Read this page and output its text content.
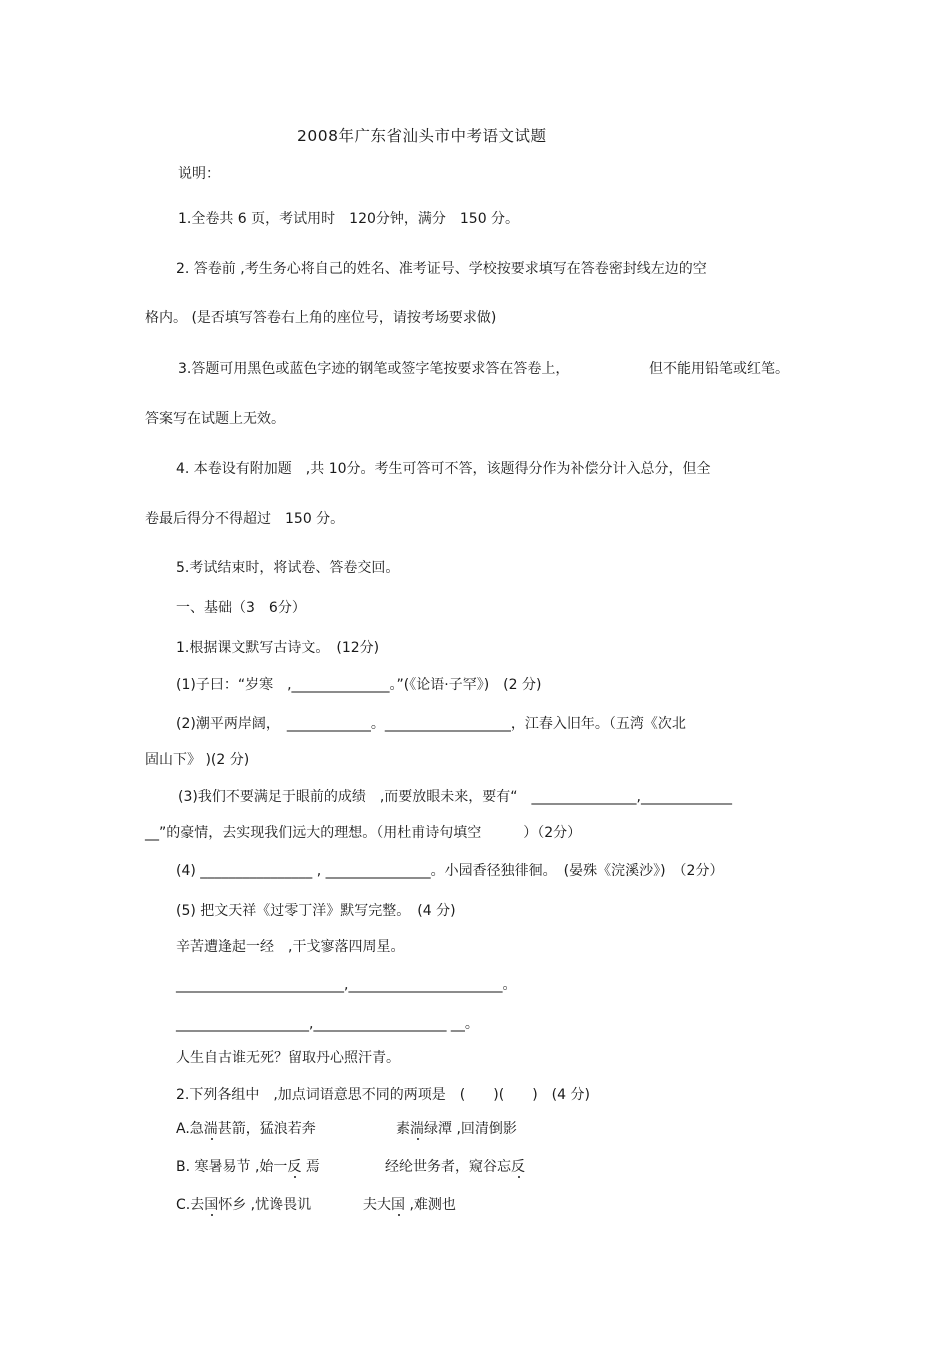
2008年广东省汕头市中考语文试题
说明：
1.全卷共 6 页，考试用时　120分钟，满分　150 分。
2. 答卷前 ,考生务心将自己的姓名、准考证号、学校按要求填写在答卷密封线左边的空
格内。 (是否填写答卷右上角的座位号，请按考场要求做)
3.答题可用黑色或蓝色字迹的钢笔或签字笔按要求答在答卷上，	但不能用铅笔或红笔。
答案写在试题上无效。
4. 本卷设有附加题　,共 10分。考生可答可不答，该题得分作为补偿分计入总分，但全
卷最后得分不得超过　150 分。
5.考试结束时，将试卷、答卷交回。
一、基础（3　6分）
1.根据课文默写古诗文。　(12分)
(1)子曰：“岁寒　,______________。”(《论语·子罕》)　(2 分)
(2)潮平两岸阔，　____________。__________________，江春入旧年。（五湾《次北
固山下》 )(2 分)
(3)我们不要满足于眼前的成绩　,而要放眼未来，要有“　_______________,_____________
__”的豪情，去实现我们远大的理想。（用杜甫诗句填空　　　）（2分）
(4) ________________ , _______________。小园香径独徘徊。　(晏殊《浣溪沙》)　（2分）
(5) 把文天祥《过零丁洋》默写完整。　(4 分)
辛苦遭逢起一经　,干戈寥落四周星。
________________________,______________________。
___________________,___________________ __。
人生自古谁无死？留取丹心照汗青。
2.下列各组中　,加点词语意思不同的两项是　(　　)(　　)　(4 分)
A.急湍甚箭，猛浪若奔	素湍绿潭 ,回清倒影
B. 寒暑易节 ,始一反 焉	经纶世务者，窥谷忘反
C.去国怀乡 ,忧谗畏讥	夫大国 ,难测也
